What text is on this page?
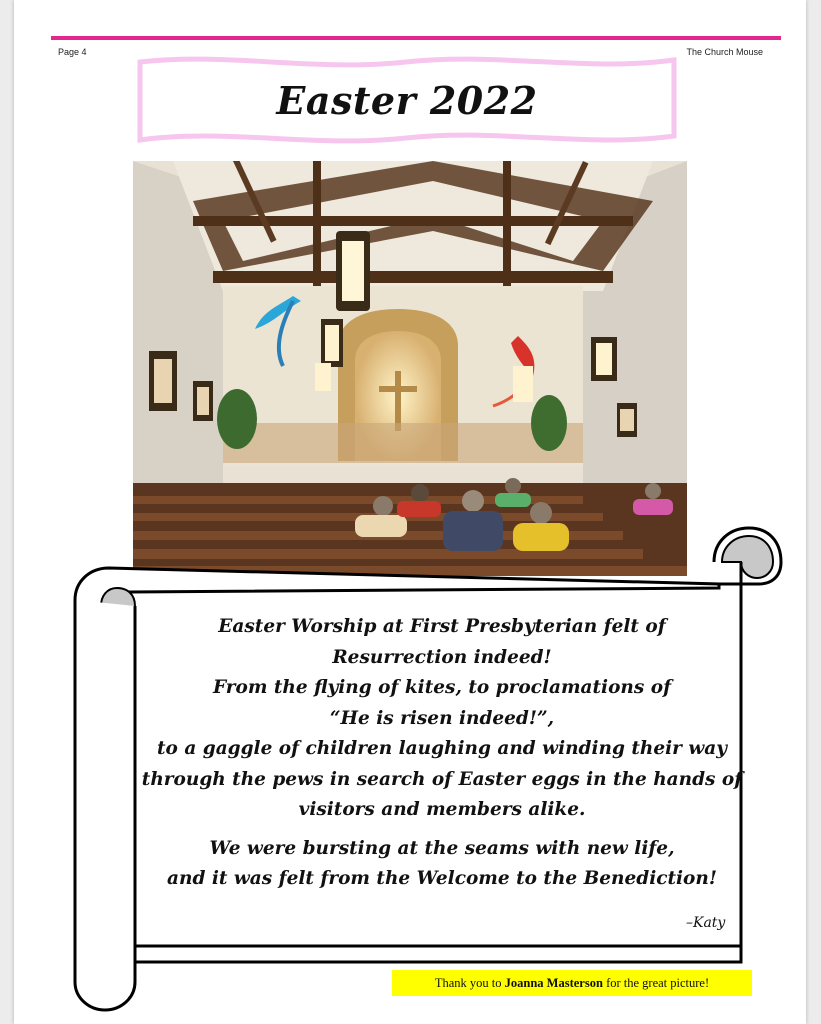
Page 4	The Church Mouse
Easter 2022

Easter Worship at First Presbyterian felt of

Resurrection indeed!

From the flying of kites, to proclamations of

“He is risen indeed!”,

to a gaggle of children laughing and winding their way

through the pews in search of Easter eggs in the hands of

visitors and members alike.

We were bursting at the seams with new life,

and it was felt from the Welcome to the Benediction!

–Katy
Thank you to Joanna Masterson for the great picture!
